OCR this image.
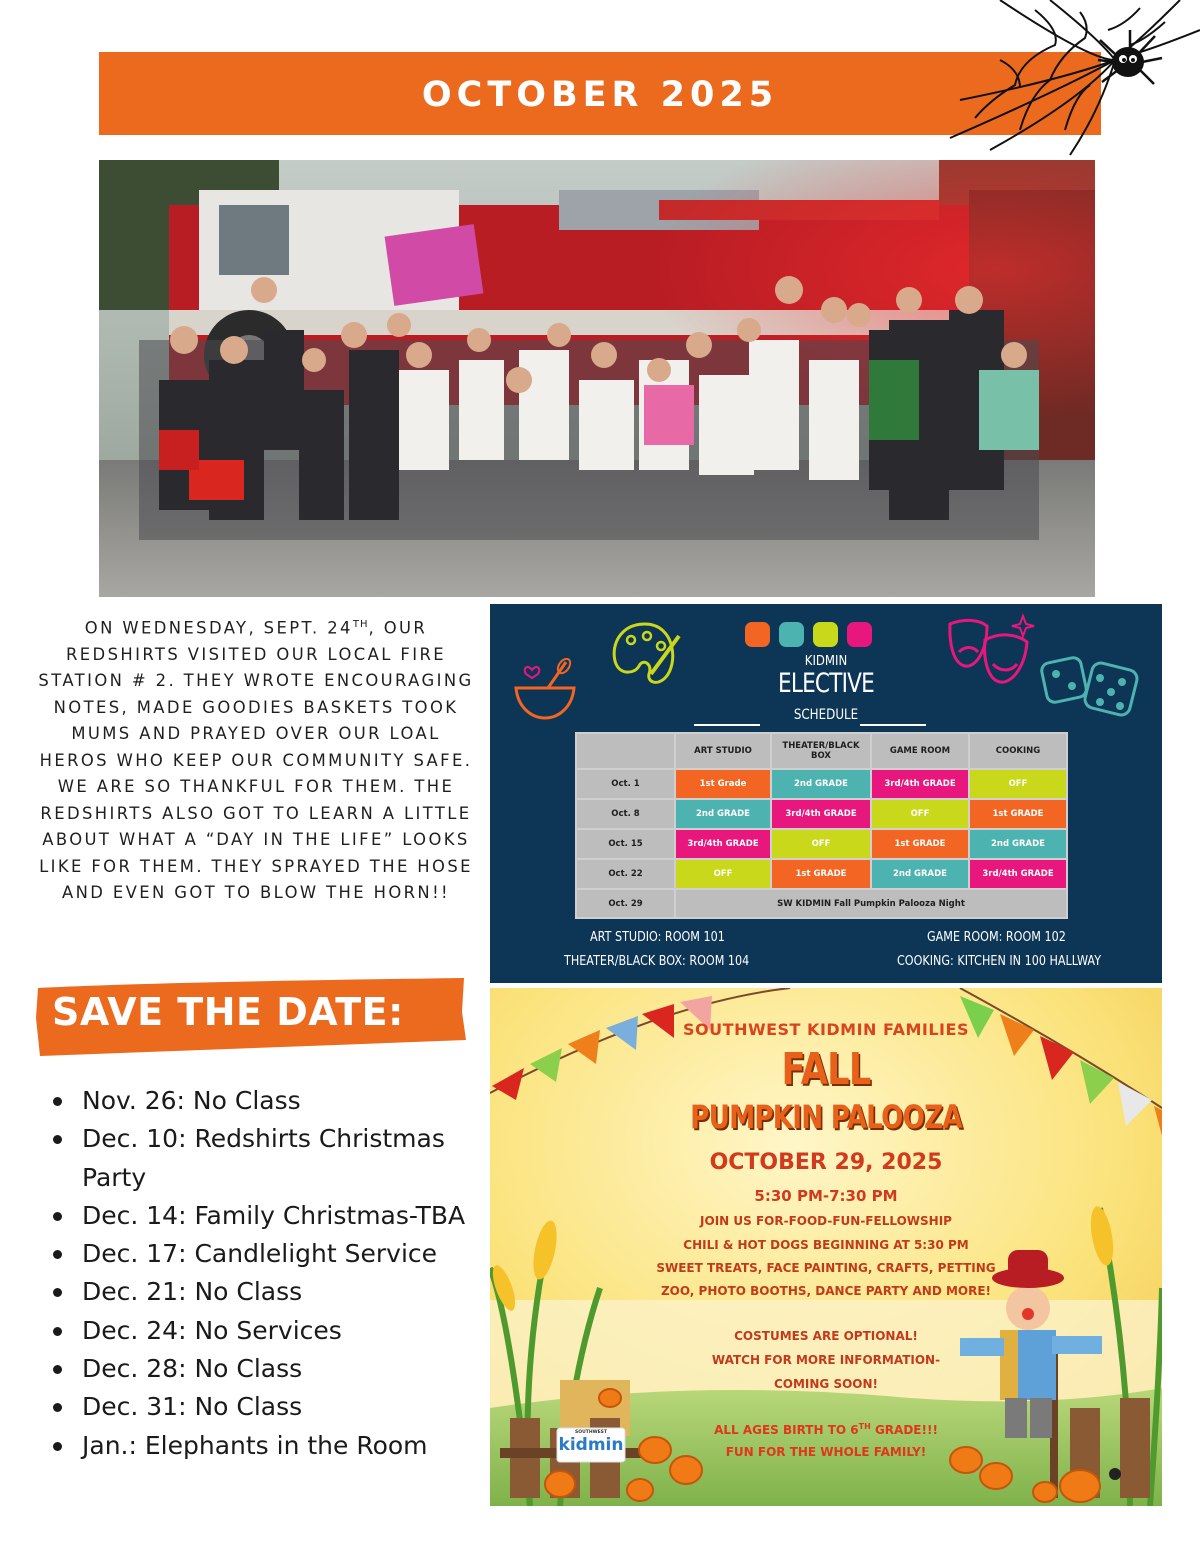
OCTOBER 2025
ON WEDNESDAY, SEPT. 24TH, OUR REDSHIRTS VISITED OUR LOCAL FIRE STATION # 2. THEY WROTE ENCOURAGING NOTES, MADE GOODIES BASKETS TOOK MUMS AND PRAYED OVER OUR LOAL HEROS WHO KEEP OUR COMMUNITY SAFE. WE ARE SO THANKFUL FOR THEM. THE REDSHIRTS ALSO GOT TO LEARN A LITTLE ABOUT WHAT A “DAY IN THE LIFE” LOOKS LIKE FOR THEM. THEY SPRAYED THE HOSE AND EVEN GOT TO BLOW THE HORN!!
KIDMIN
ELECTIVE
SCHEDULE
	ART STUDIO	THEATER/BLACK BOX	GAME ROOM	COOKING
Oct. 1	1st Grade	2nd GRADE	3rd/4th GRADE	OFF
Oct. 8	2nd GRADE	3rd/4th GRADE	OFF	1st GRADE
Oct. 15	3rd/4th GRADE	OFF	1st GRADE	2nd GRADE
Oct. 22	OFF	1st GRADE	2nd GRADE	3rd/4th GRADE
Oct. 29	SW KIDMIN Fall Pumpkin Palooza Night			
ART STUDIO: ROOM 101	GAME ROOM: ROOM 102
THEATER/BLACK BOX: ROOM 104	COOKING: KITCHEN IN 100 HALLWAY
SAVE THE DATE:
Nov. 26: No Class
Dec. 10: Redshirts Christmas Party
Dec. 14: Family Christmas-TBA
Dec. 17: Candlelight Service
Dec. 21: No Class
Dec. 24: No Services
Dec. 28: No Class
Dec. 31: No Class
Jan.: Elephants in the Room
SOUTHWEST KIDMIN FAMILIES
FALL
PUMPKIN PALOOZA
OCTOBER 29, 2025
5:30 PM-7:30 PM
JOIN US FOR-FOOD-FUN-FELLOWSHIP
CHILI & HOT DOGS BEGINNING AT 5:30 PM
SWEET TREATS, FACE PAINTING, CRAFTS, PETTING
ZOO, PHOTO BOOTHS, DANCE PARTY AND MORE!
COSTUMES ARE OPTIONAL!
WATCH FOR MORE INFORMATION-
COMING SOON!
ALL AGES BIRTH TO 6TH GRADE!!!
FUN FOR THE WHOLE FAMILY!
SOUTHWEST
kidmin
